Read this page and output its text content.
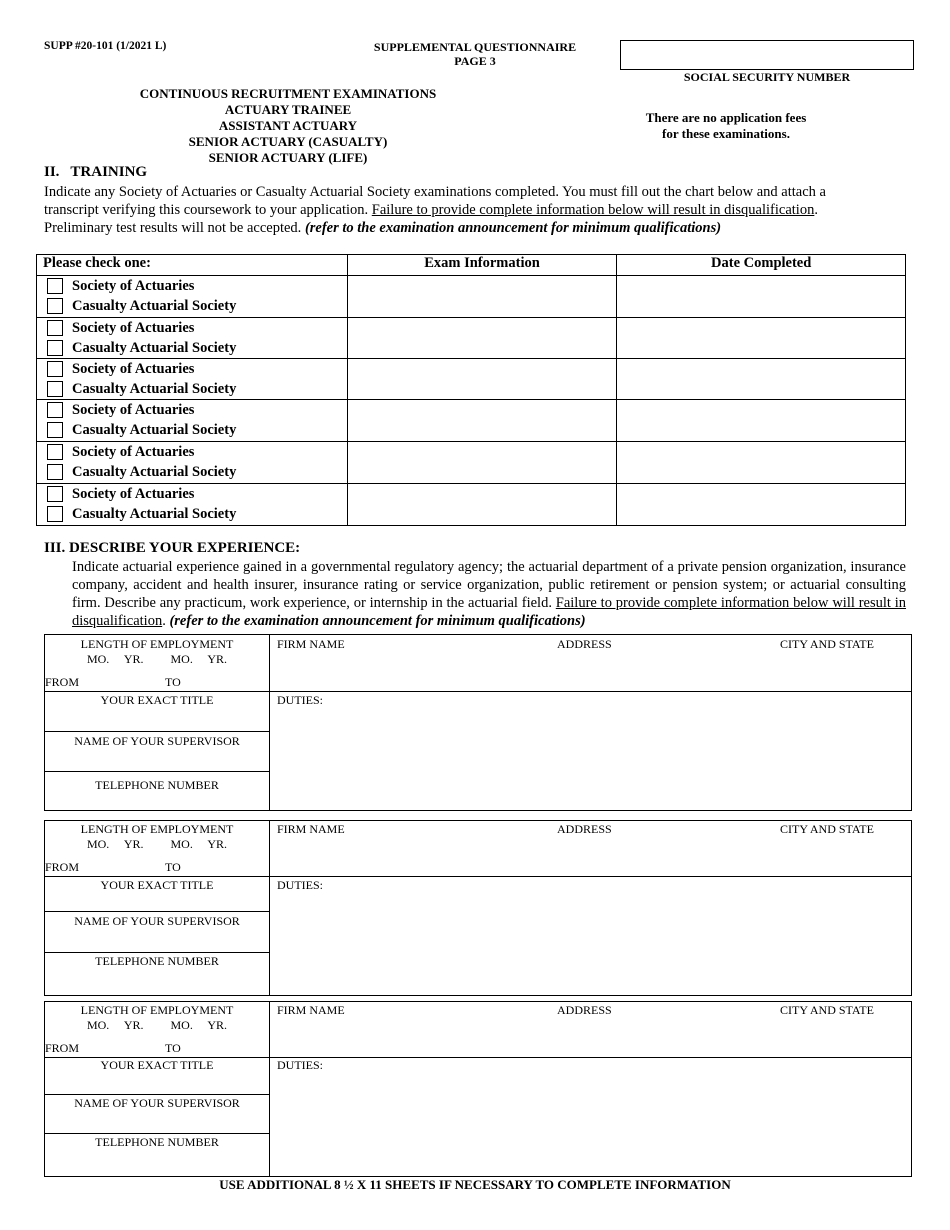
SUPP #20-101 (1/2021 L)	SUPPLEMENTAL QUESTIONNAIRE
PAGE 3
SOCIAL SECURITY NUMBER
CONTINUOUS RECRUITMENT EXAMINATIONS
ACTUARY TRAINEE
ASSISTANT ACTUARY
SENIOR ACTUARY (CASUALTY)
SENIOR ACTUARY (LIFE)
There are no application fees
for these examinations.
II.   TRAINING
Indicate any Society of Actuaries or Casualty Actuarial Society examinations completed. You must fill out the chart below and attach a transcript verifying this coursework to your application. Failure to provide complete information below will result in disqualification. Preliminary test results will not be accepted. (refer to the examination announcement for minimum qualifications)
Please check one:	Exam Information	Date Completed

Society of Actuaries
Casualty Actuarial Society		

Society of Actuaries
Casualty Actuarial Society		

Society of Actuaries
Casualty Actuarial Society		

Society of Actuaries
Casualty Actuarial Society		

Society of Actuaries
Casualty Actuarial Society		

Society of Actuaries
Casualty Actuarial Society		

III. DESCRIBE YOUR EXPERIENCE:
Indicate actuarial experience gained in a governmental regulatory agency; the actuarial department of a private pension organization, insurance company, accident and health insurer, insurance rating or service organization, public retirement or pension system; or actuarial consulting firm. Describe any practicum, work experience, or internship in the actuarial field. Failure to provide complete information below will result in disqualification. (refer to the examination announcement for minimum qualifications)
LENGTH OF EMPLOYMENT
MO.     YR.         MO.     YR.
FROM	TO
YOUR EXACT TITLE
NAME OF YOUR SUPERVISOR
TELEPHONE NUMBER
FIRM NAME	ADDRESS	CITY AND STATE
DUTIES:
LENGTH OF EMPLOYMENT
MO.     YR.         MO.     YR.
FROM	TO
YOUR EXACT TITLE
NAME OF YOUR SUPERVISOR
TELEPHONE NUMBER
FIRM NAME	ADDRESS	CITY AND STATE
DUTIES:
LENGTH OF EMPLOYMENT
MO.     YR.         MO.     YR.
FROM	TO
YOUR EXACT TITLE
NAME OF YOUR SUPERVISOR
TELEPHONE NUMBER
FIRM NAME	ADDRESS	CITY AND STATE
DUTIES:
USE ADDITIONAL 8 ½ X 11 SHEETS IF NECESSARY TO COMPLETE INFORMATION
